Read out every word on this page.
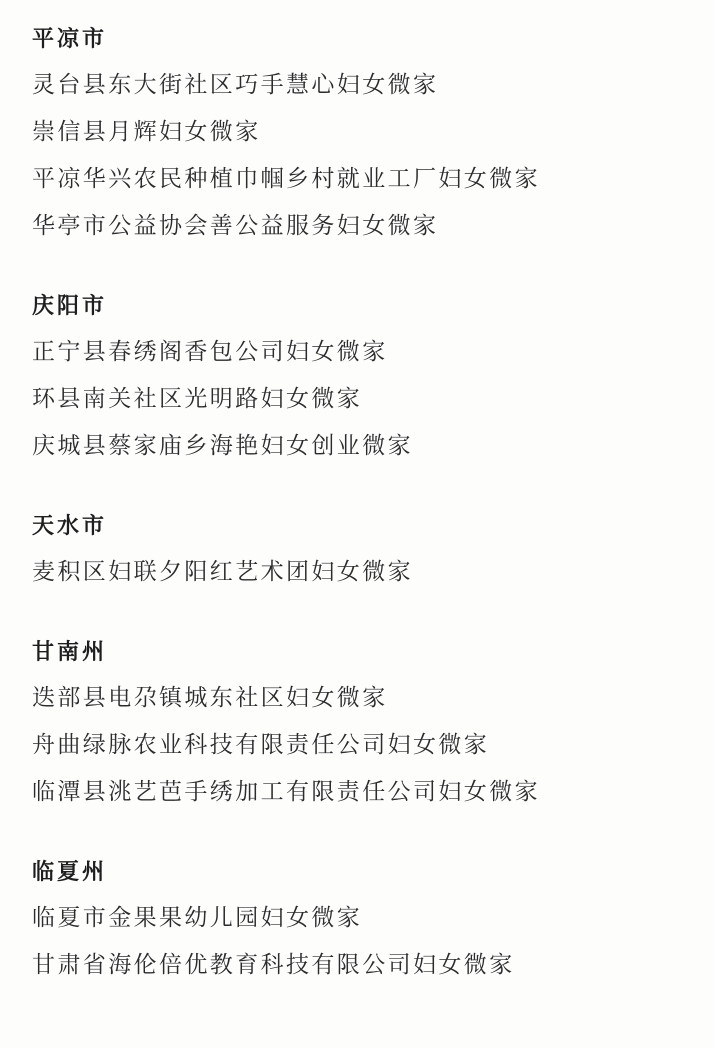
平凉市
灵台县东大街社区巧手慧心妇女微家
崇信县月辉妇女微家
平凉华兴农民种植巾帼乡村就业工厂妇女微家
华亭市公益协会善公益服务妇女微家
庆阳市
正宁县春绣阁香包公司妇女微家
环县南关社区光明路妇女微家
庆城县蔡家庙乡海艳妇女创业微家
天水市
麦积区妇联夕阳红艺术团妇女微家
甘南州
迭部县电尕镇城东社区妇女微家
舟曲绿脉农业科技有限责任公司妇女微家
临潭县洮艺芭手绣加工有限责任公司妇女微家
临夏州
临夏市金果果幼儿园妇女微家
甘肃省海伦倍优教育科技有限公司妇女微家
